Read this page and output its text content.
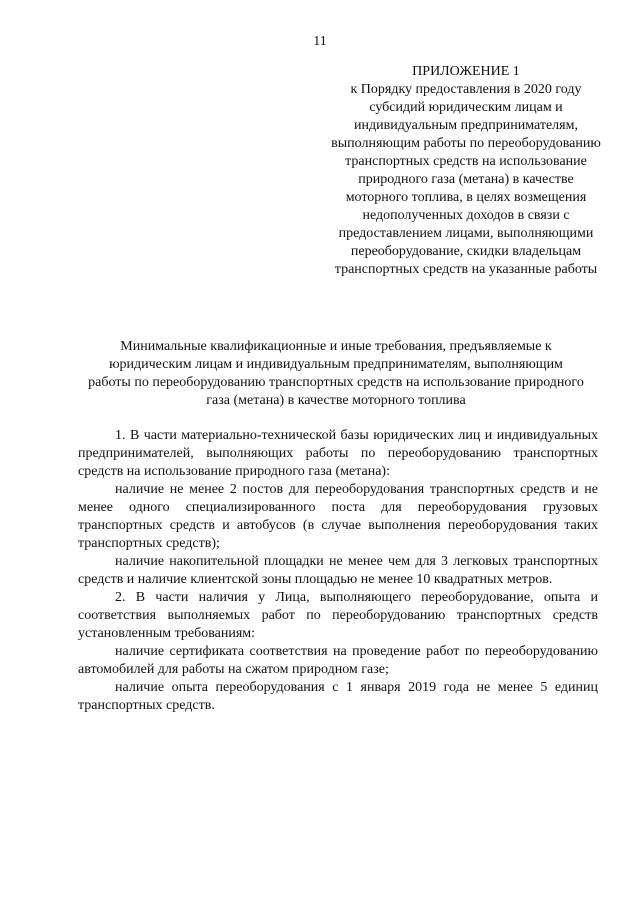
11
ПРИЛОЖЕНИЕ 1
к Порядку предоставления в 2020 году субсидий юридическим лицам и индивидуальным предпринимателям, выполняющим работы по переоборудованию транспортных средств на использование природного газа (метана) в качестве моторного топлива, в целях возмещения недополученных доходов в связи с предоставлением лицами, выполняющими переоборудование, скидки владельцам транспортных средств на указанные работы
Минимальные квалификационные и иные требования, предъявляемые к юридическим лицам и индивидуальным предпринимателям, выполняющим работы по переоборудованию транспортных средств на использование природного газа (метана) в качестве моторного топлива

1. В части материально-технической базы юридических лиц и индивидуальных предпринимателей, выполняющих работы по переоборудованию транспортных средств на использование природного газа (метана):

наличие не менее 2 постов для переоборудования транспортных средств и не менее одного специализированного поста для переоборудования грузовых транспортных средств и автобусов (в случае выполнения переоборудования таких транспортных средств);

наличие накопительной площадки не менее чем для 3 легковых транспортных средств и наличие клиентской зоны площадью не менее 10 квадратных метров.

2. В части наличия у Лица, выполняющего переоборудование, опыта и соответствия выполняемых работ по переоборудованию транспортных средств установленным требованиям:

наличие сертификата соответствия на проведение работ по переоборудованию автомобилей для работы на сжатом природном газе;

наличие опыта переоборудования с 1 января 2019 года не менее 5 единиц транспортных средств.
